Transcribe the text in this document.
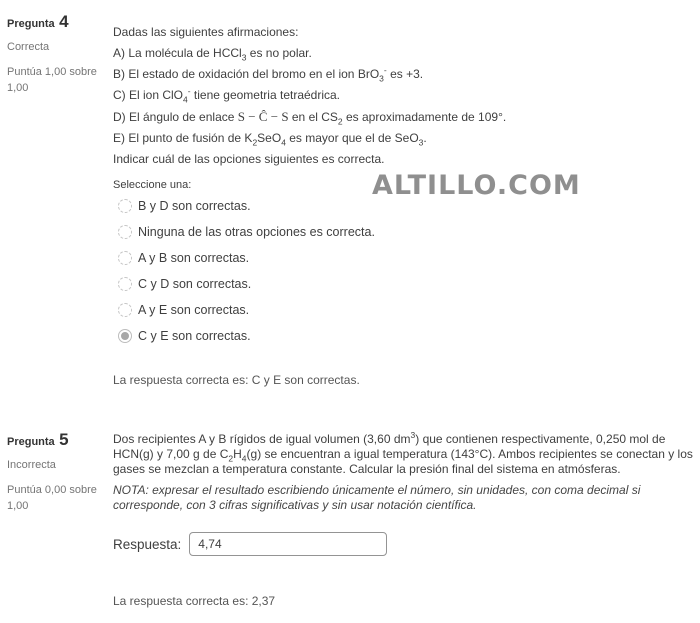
Pregunta 4
Correcta
Puntúa 1,00 sobre 1,00

Dadas las siguientes afirmaciones:

A) La molécula de HCCl$_3$ es no polar.

B) El estado de oxidación del bromo en el ion BrO$_3$- es +3.

C) El ion ClO$_4$- tiene geometria tetraédrica.

D) El ángulo de enlace S − Ĉ − S en el $CS_2$ es aproximadamente de 109°.

E) El punto de fusión de $K_2SeO_4$ es mayor que el de SeO$_3$.

Indicar cuál de las opciones siguientes es correcta.

Seleccione una:
B y D son correctas.
Ninguna de las otras opciones es correcta.
A y B son correctas.
C y D son correctas.
A y E son correctas.
C y E son correctas.
La respuesta correcta es: C y E son correctas.
ALTILLO.COM
Pregunta 5
Incorrecta
Puntúa 0,00 sobre 1,00

Dos recipientes A y B rígidos de igual volumen (3,60 $dm^3$) que contienen respectivamente, 0,250 mol de HCN(g) y 7,00 g de $C_2H_4(g)$ se encuentran a igual temperatura (143°C). Ambos recipientes se conectan y los gases se mezclan a temperatura constante. Calcular la presión final del sistema en atmósferas.

NOTA: expresar el resultado escribiendo únicamente el número, sin unidades, con coma decimal si corresponde, con 3 cifras significativas y sin usar notación científica.

Respuesta:
4,74
La respuesta correcta es: 2,37
